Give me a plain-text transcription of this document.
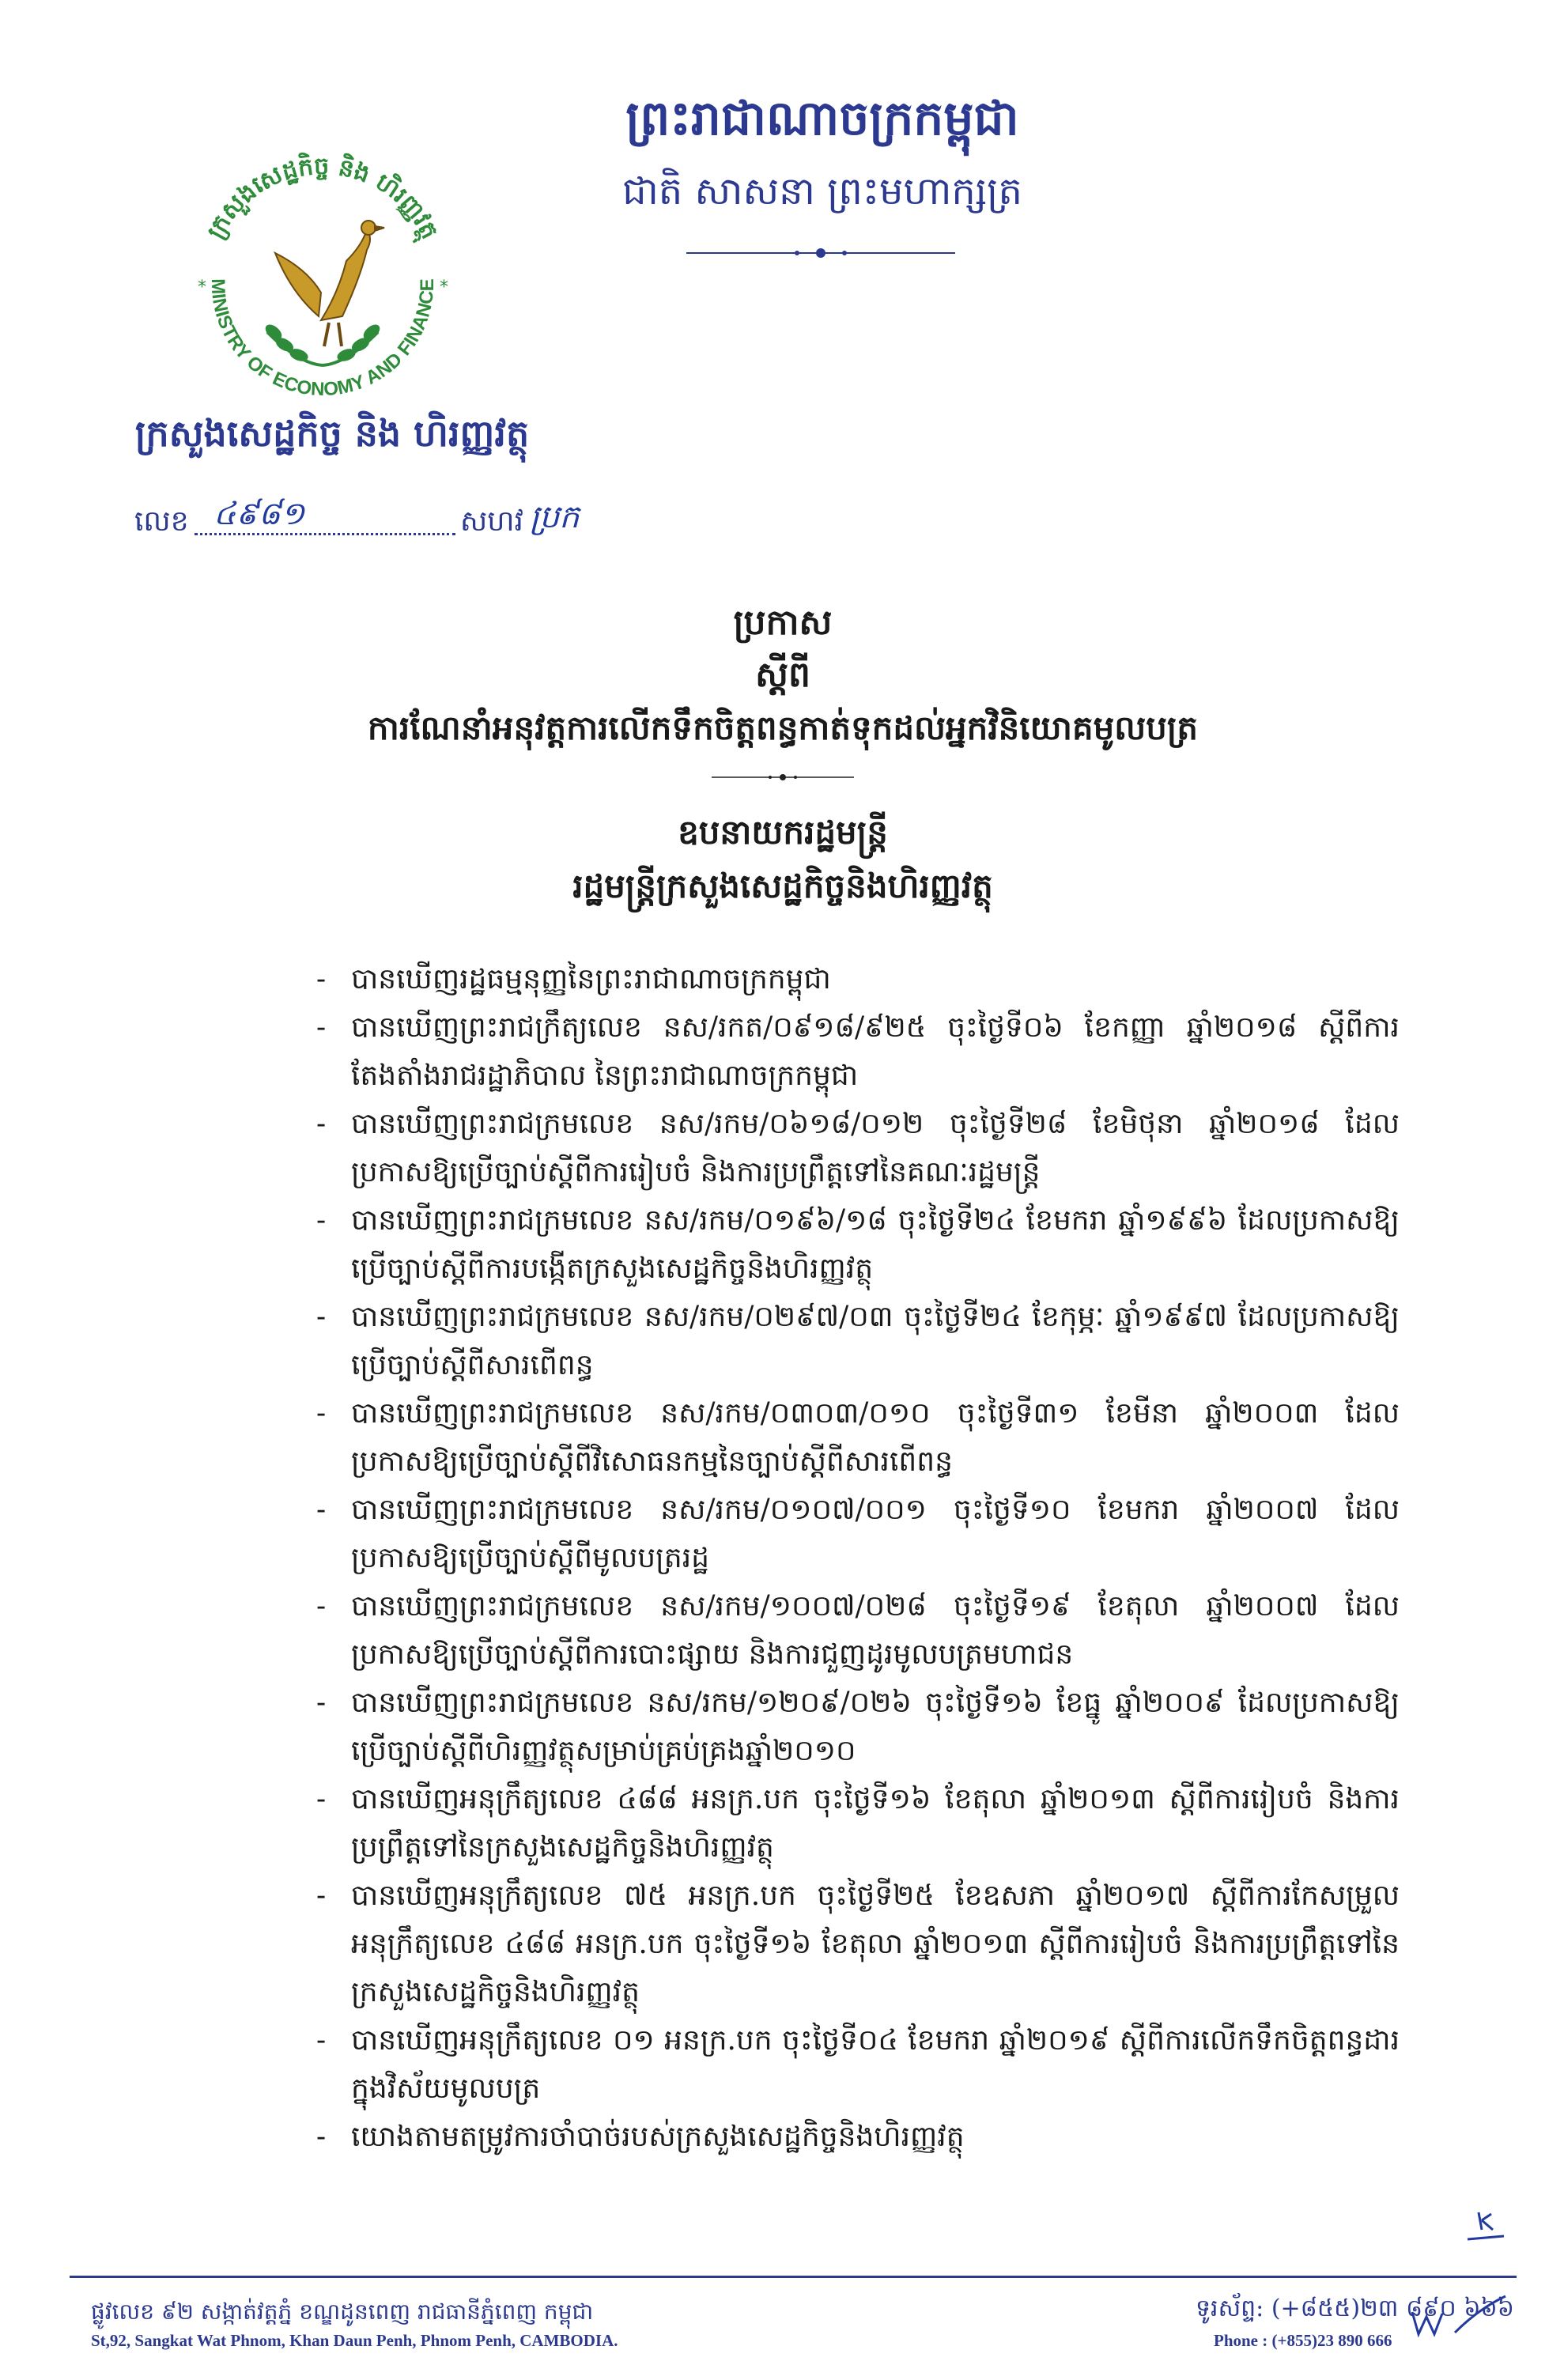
ព្រះរាជាណាចក្រកម្ពុជា
ជាតិ សាសនា ព្រះមហាក្សត្រ
ក្រសួងសេដ្ឋកិច្ច និង ហិរញ្ញវត្ថុ
MINISTRY OF ECONOMY AND FINANCE
*	*
ក្រសួងសេដ្ឋកិច្ច និង ហិរញ្ញវត្ថុ
លេខ ៤៩៨១	សហវ ប្រក
ប្រកាស
ស្តីពី
ការណែនាំអនុវត្តការលើកទឹកចិត្តពន្ធកាត់ទុកដល់អ្នកវិនិយោគមូលបត្រ
ឧបនាយករដ្ឋមន្ត្រី
រដ្ឋមន្ត្រីក្រសួងសេដ្ឋកិច្ចនិងហិរញ្ញវត្ថុ
- បានឃើញរដ្ឋធម្មនុញ្ញនៃព្រះរាជាណាចក្រកម្ពុជា
- បានឃើញព្រះរាជក្រឹត្យលេខ នស/រកត/០៩១៨/៩២៥ ចុះថ្ងៃទី០៦ ខែកញ្ញា ឆ្នាំ២០១៨ ស្តីពីការតែងតាំងរាជរដ្ឋាភិបាល នៃព្រះរាជាណាចក្រកម្ពុជា
- បានឃើញព្រះរាជក្រមលេខ នស/រកម/០៦១៨/០១២ ចុះថ្ងៃទី២៨ ខែមិថុនា ឆ្នាំ២០១៨ ដែលប្រកាសឱ្យប្រើច្បាប់ស្តីពីការរៀបចំ និងការប្រព្រឹត្តទៅនៃគណៈរដ្ឋមន្ត្រី
- បានឃើញព្រះរាជក្រមលេខ នស/រកម/០១៩៦/១៨ ចុះថ្ងៃទី២៤ ខែមករា ឆ្នាំ១៩៩៦ ដែលប្រកាសឱ្យប្រើច្បាប់ស្តីពីការបង្កើតក្រសួងសេដ្ឋកិច្ចនិងហិរញ្ញវត្ថុ
- បានឃើញព្រះរាជក្រមលេខ នស/រកម/០២៩៧/០៣ ចុះថ្ងៃទី២៤ ខែកុម្ភៈ ឆ្នាំ១៩៩៧ ដែលប្រកាសឱ្យប្រើច្បាប់ស្តីពីសារពើពន្ធ
- បានឃើញព្រះរាជក្រមលេខ នស/រកម/០៣០៣/០១០ ចុះថ្ងៃទី៣១ ខែមីនា ឆ្នាំ២០០៣ ដែលប្រកាសឱ្យប្រើច្បាប់ស្តីពីវិសោធនកម្មនៃច្បាប់ស្តីពីសារពើពន្ធ
- បានឃើញព្រះរាជក្រមលេខ នស/រកម/០១០៧/០០១ ចុះថ្ងៃទី១០ ខែមករា ឆ្នាំ២០០៧ ដែលប្រកាសឱ្យប្រើច្បាប់ស្តីពីមូលបត្ររដ្ឋ
- បានឃើញព្រះរាជក្រមលេខ នស/រកម/១០០៧/០២៨ ចុះថ្ងៃទី១៩ ខែតុលា ឆ្នាំ២០០៧ ដែលប្រកាសឱ្យប្រើច្បាប់ស្តីពីការបោះផ្សាយ និងការជួញដូរមូលបត្រមហាជន
- បានឃើញព្រះរាជក្រមលេខ នស/រកម/១២០៩/០២៦ ចុះថ្ងៃទី១៦ ខែធ្នូ ឆ្នាំ២០០៩ ដែលប្រកាសឱ្យប្រើច្បាប់ស្តីពីហិរញ្ញវត្ថុសម្រាប់គ្រប់គ្រងឆ្នាំ២០១០
- បានឃើញអនុក្រឹត្យលេខ ៤៨៨ អនក្រ.បក ចុះថ្ងៃទី១៦ ខែតុលា ឆ្នាំ២០១៣ ស្តីពីការរៀបចំ និងការប្រព្រឹត្តទៅនៃក្រសួងសេដ្ឋកិច្ចនិងហិរញ្ញវត្ថុ
- បានឃើញអនុក្រឹត្យលេខ ៧៥ អនក្រ.បក ចុះថ្ងៃទី២៥ ខែឧសភា ឆ្នាំ២០១៧ ស្តីពីការកែសម្រួលអនុក្រឹត្យលេខ ៤៨៨ អនក្រ.បក ចុះថ្ងៃទី១៦ ខែតុលា ឆ្នាំ២០១៣ ស្តីពីការរៀបចំ និងការប្រព្រឹត្តទៅនៃក្រសួងសេដ្ឋកិច្ចនិងហិរញ្ញវត្ថុ
- បានឃើញអនុក្រឹត្យលេខ ០១ អនក្រ.បក ចុះថ្ងៃទី០៤ ខែមករា ឆ្នាំ២០១៩ ស្តីពីការលើកទឹកចិត្តពន្ធដារក្នុងវិស័យមូលបត្រ
- យោងតាមតម្រូវការចាំបាច់របស់ក្រសួងសេដ្ឋកិច្ចនិងហិរញ្ញវត្ថុ
ផ្លូវលេខ ៩២ សង្កាត់វត្តភ្នំ ខណ្ឌដូនពេញ រាជធានីភ្នំពេញ កម្ពុជា
St,92, Sangkat Wat Phnom, Khan Daun Penh, Phnom Penh, CAMBODIA.
ទូរស័ព្ទ: (+៨៥៥)២៣ ៨៩០ ៦៦៦
Phone : (+855)23 890 666
